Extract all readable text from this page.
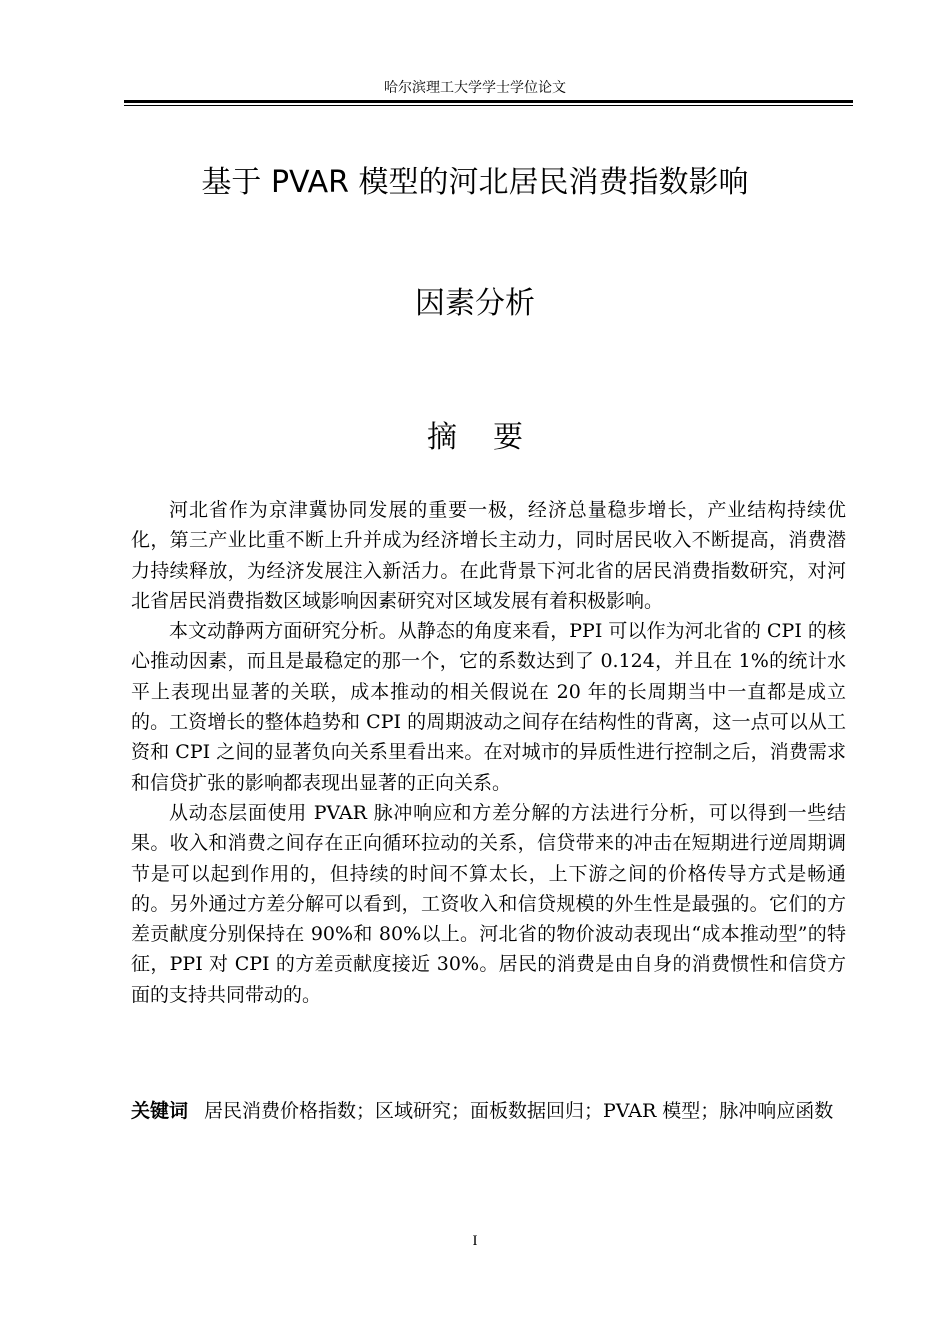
哈尔滨理工大学学士学位论文
基于 PVAR 模型的河北居民消费指数影响
因素分析
摘要

河北省作为京津冀协同发展的重要一极，经济总量稳步增长，产业结构持续优化，第三产业比重不断上升并成为经济增长主动力，同时居民收入不断提高，消费潜力持续释放，为经济发展注入新活力。在此背景下河北省的居民消费指数研究，对河北省居民消费指数区域影响因素研究对区域发展有着积极影响。

本文动静两方面研究分析。从静态的角度来看，PPI 可以作为河北省的 CPI 的核心推动因素，而且是最稳定的那一个，它的系数达到了 0.124，并且在 1%的统计水平上表现出显著的关联，成本推动的相关假说在 20 年的长周期当中一直都是成立的。工资增长的整体趋势和 CPI 的周期波动之间存在结构性的背离，这一点可以从工资和 CPI 之间的显著负向关系里看出来。在对城市的异质性进行控制之后，消费需求和信贷扩张的影响都表现出显著的正向关系。

从动态层面使用 PVAR 脉冲响应和方差分解的方法进行分析，可以得到一些结果。收入和消费之间存在正向循环拉动的关系，信贷带来的冲击在短期进行逆周期调节是可以起到作用的，但持续的时间不算太长，上下游之间的价格传导方式是畅通的。另外通过方差分解可以看到，工资收入和信贷规模的外生性是最强的。它们的方差贡献度分别保持在 90%和 80%以上。河北省的物价波动表现出“成本推动型”的特征，PPI 对 CPI 的方差贡献度接近 30%。居民的消费是由自身的消费惯性和信贷方面的支持共同带动的。

关键词 居民消费价格指数；区域研究；面板数据回归；PVAR 模型；脉冲响应函数
I
